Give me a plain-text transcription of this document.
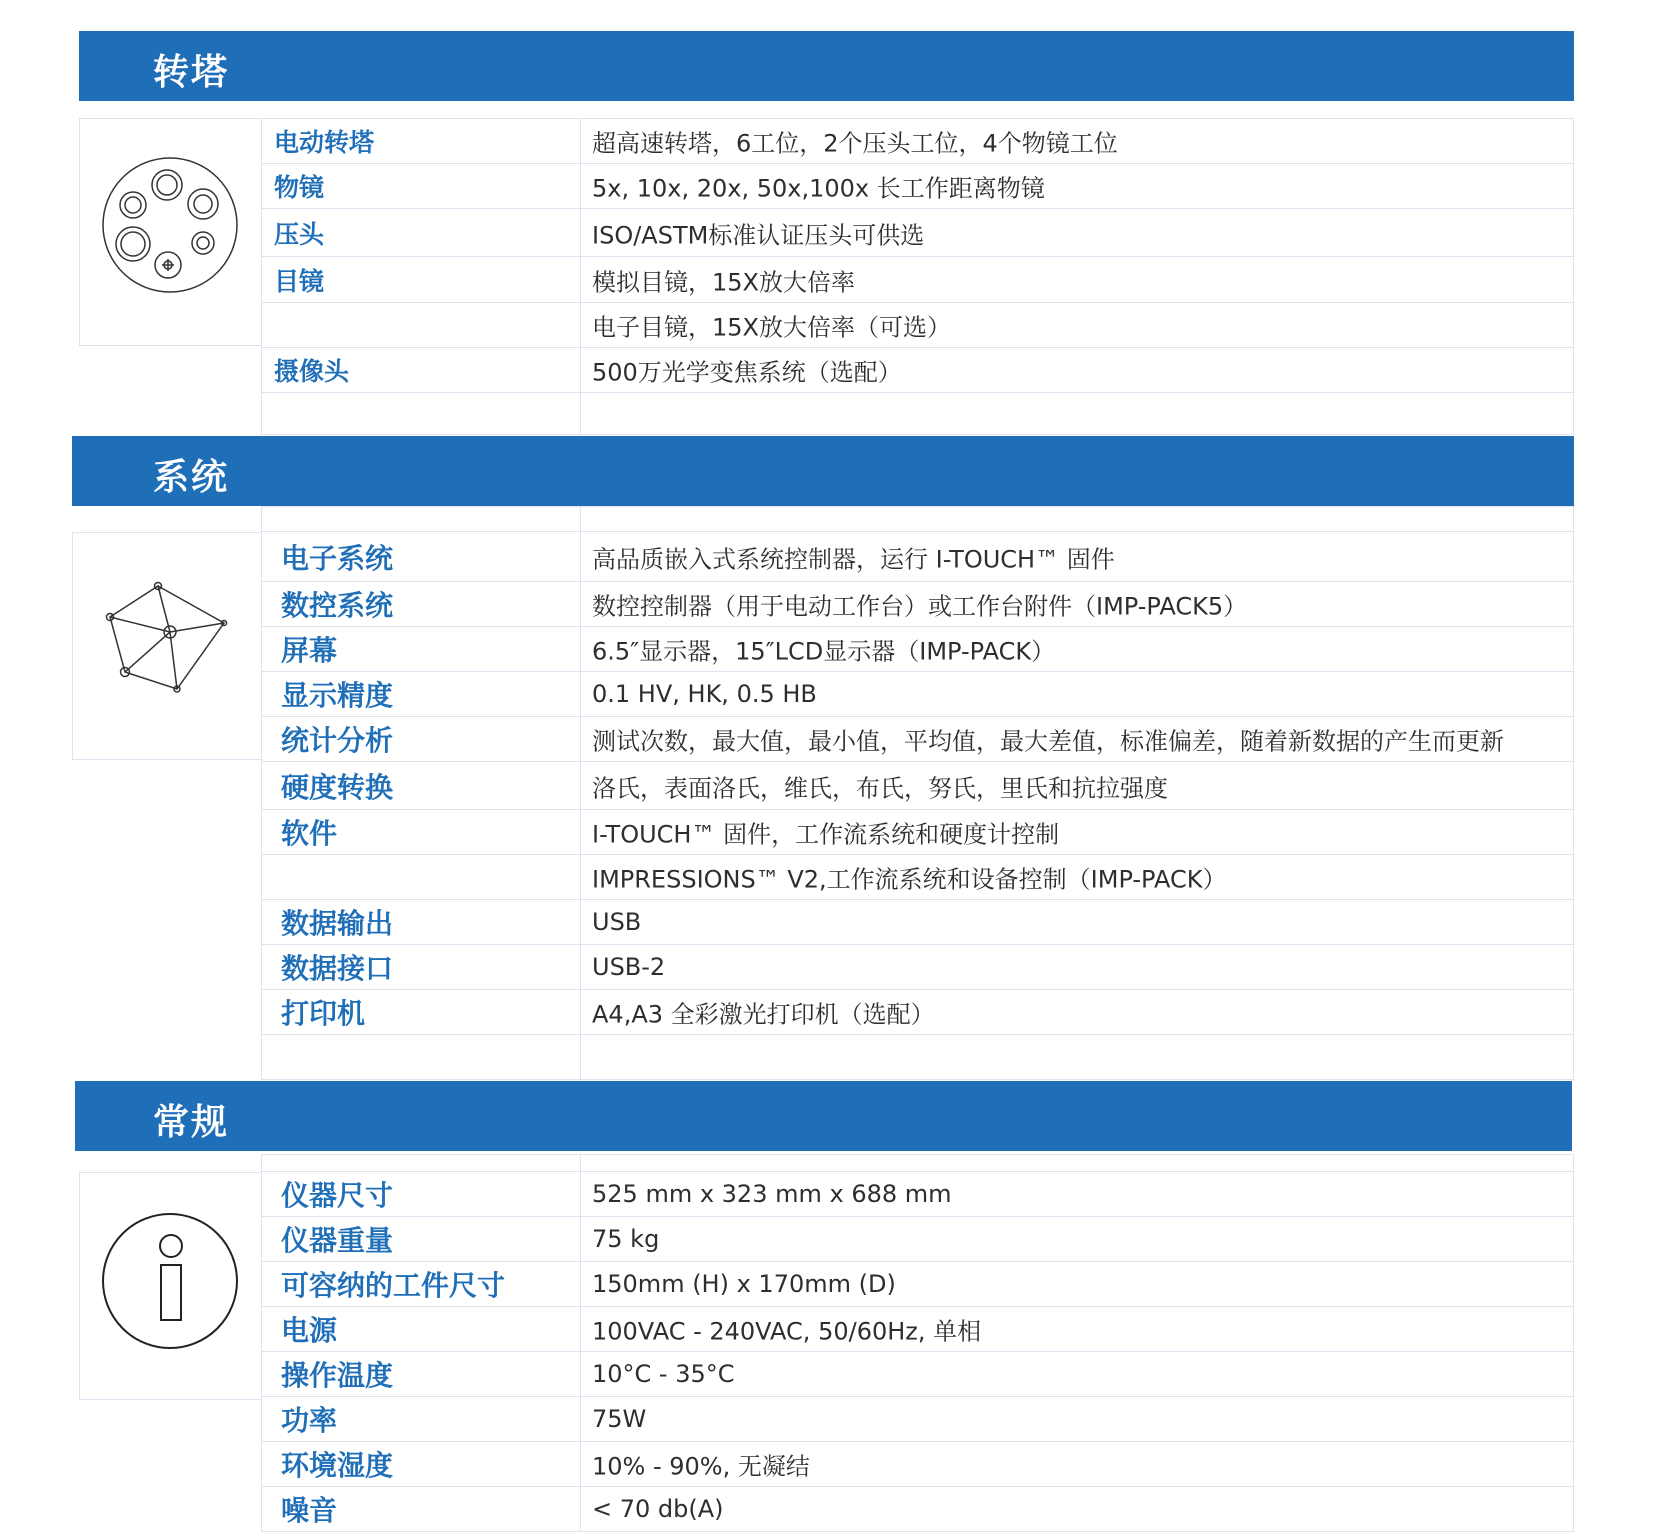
转塔
电动转塔	超高速转塔，6工位，2个压头工位，4个物镜工位
物镜	5x, 10x, 20x, 50x,100x 长工作距离物镜
压头	ISO/ASTM标准认证压头可供选
目镜	模拟目镜，15X放大倍率
电子目镜，15X放大倍率（可选）
摄像头	500万光学变焦系统（选配）
系统
电子系统	高品质嵌入式系统控制器，运行 I-TOUCH™ 固件
数控系统	数控控制器（用于电动工作台）或工作台附件（IMP-PACK5）
屏幕	6.5″显示器，15″LCD显示器（IMP-PACK）
显示精度	0.1 HV, HK, 0.5 HB
统计分析	测试次数，最大值，最小值，平均值，最大差值，标准偏差，随着新数据的产生而更新
硬度转换	洛氏，表面洛氏，维氏，布氏，努氏，里氏和抗拉强度
软件	I-TOUCH™ 固件，工作流系统和硬度计控制
IMPRESSIONS™ V2,工作流系统和设备控制（IMP-PACK）
数据输出	USB
数据接口	USB-2
打印机	A4,A3 全彩激光打印机（选配）
常规
仪器尺寸	525 mm x 323 mm x 688 mm
仪器重量	75 kg
可容纳的工件尺寸	150mm (H) x 170mm (D)
电源	100VAC - 240VAC, 50/60Hz, 单相
操作温度	10°C - 35°C
功率	75W
环境湿度	10% - 90%, 无凝结
噪音	< 70 db(A)
